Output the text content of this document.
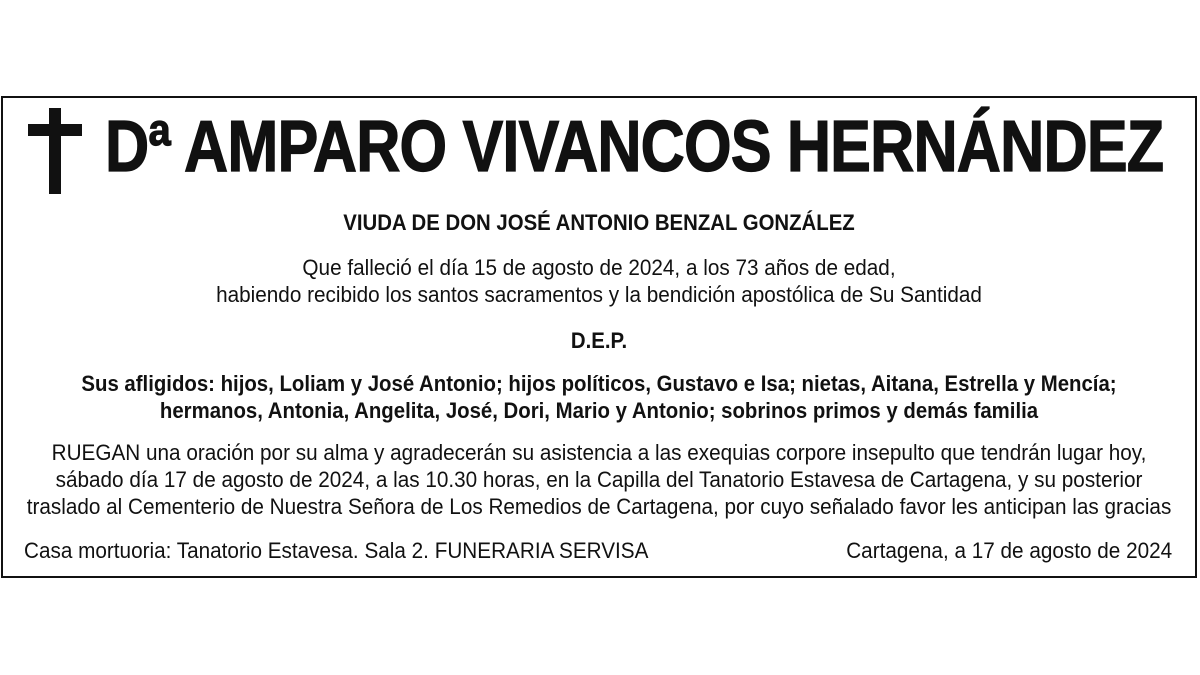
Dª AMPARO VIVANCOS HERNÁNDEZ
VIUDA DE DON JOSÉ ANTONIO BENZAL GONZÁLEZ
Que falleció el día 15 de agosto de 2024, a los 73 años de edad,
habiendo recibido los santos sacramentos y la bendición apostólica de Su Santidad
D.E.P.
Sus afligidos: hijos, Loliam y José Antonio; hijos políticos, Gustavo e Isa; nietas, Aitana, Estrella y Mencía;
hermanos, Antonia, Angelita, José, Dori, Mario y Antonio; sobrinos primos y demás familia
RUEGAN una oración por su alma y agradecerán su asistencia a las exequias corpore insepulto que tendrán lugar hoy,
sábado día 17 de agosto de 2024, a las 10.30 horas, en la Capilla del Tanatorio Estavesa de Cartagena, y su posterior
traslado al Cementerio de Nuestra Señora de Los Remedios de Cartagena, por cuyo señalado favor les anticipan las gracias
Casa mortuoria: Tanatorio Estavesa. Sala 2. FUNERARIA SERVISA	Cartagena, a 17 de agosto de 2024
